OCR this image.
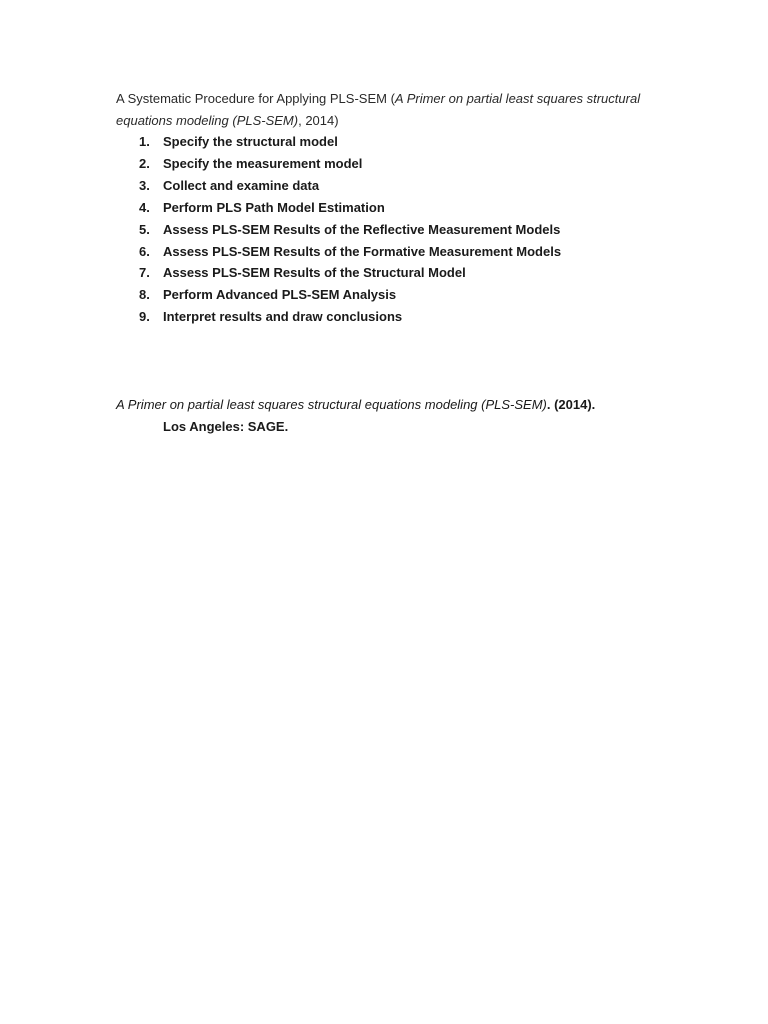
A Systematic Procedure for Applying PLS-SEM (A Primer on partial least squares structural equations modeling (PLS-SEM), 2014)
1. Specify the structural model
2. Specify the measurement model
3. Collect and examine data
4. Perform PLS Path Model Estimation
5. Assess PLS-SEM Results of the Reflective Measurement Models
6. Assess PLS-SEM Results of the Formative Measurement Models
7. Assess PLS-SEM Results of the Structural Model
8. Perform Advanced PLS-SEM Analysis
9. Interpret results and draw conclusions
A Primer on partial least squares structural equations modeling (PLS-SEM). (2014).
Los Angeles: SAGE.
